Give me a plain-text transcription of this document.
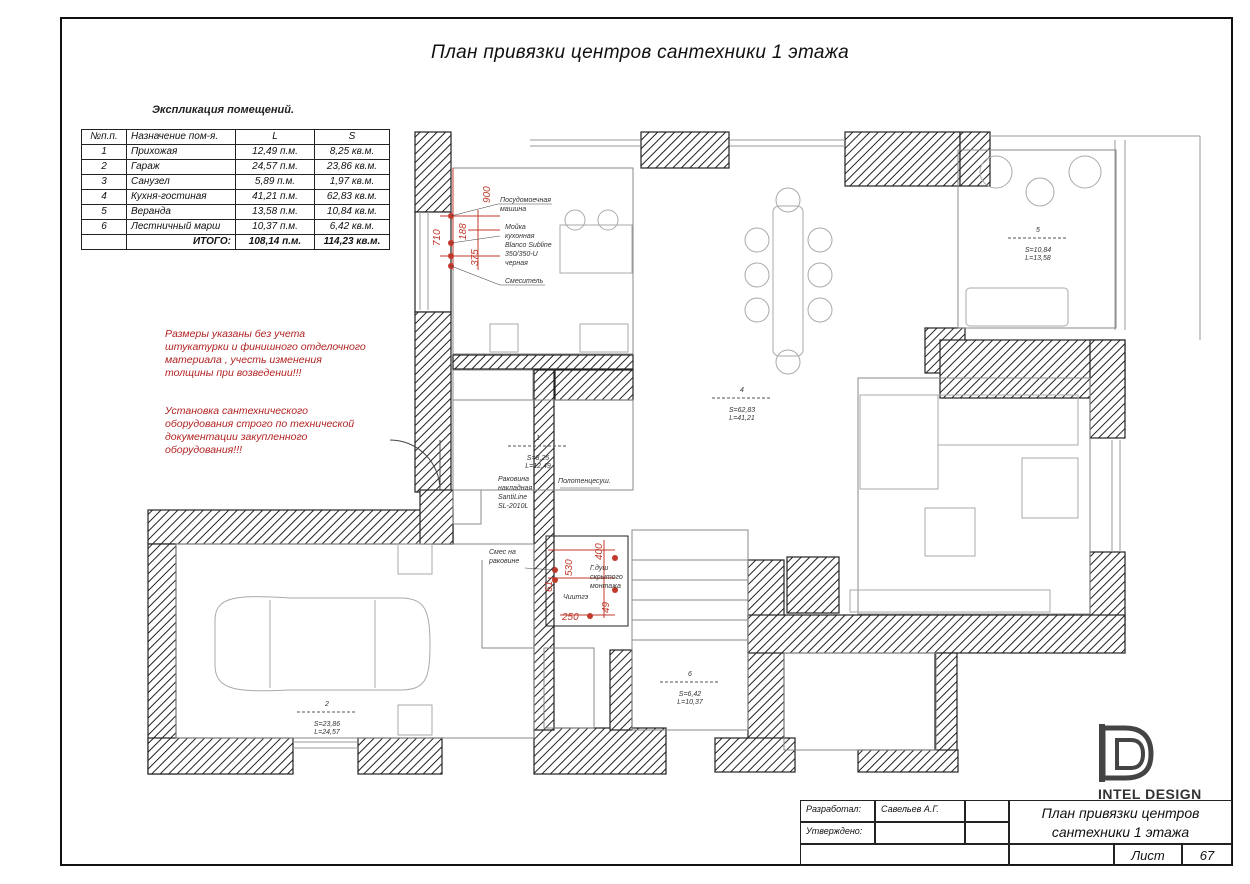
План привязки центров сантехники 1 этажа
Экспликация помещений.
№п.п.	Назначение пом-я.	L	S
1	Прихожая	12,49 п.м.	8,25 кв.м.
2	Гараж	24,57 п.м.	23,86 кв.м.
3	Санузел	5,89 п.м.	1,97 кв.м.
4	Кухня-гостиная	41,21 п.м.	62,83 кв.м.
5	Веранда	13,58 п.м.	10,84 кв.м.
6	Лестничный марш	10,37 п.м.	6,42 кв.м.
	ИТОГО:	108,14 п.м.	114,23 кв.м.
Размеры указаны без учета
штукатурки и финишного отделочного
материала , учесть изменения
толщины при возведении!!!
Установка сантехнического
оборудования строго по технической
документации закупленного
оборудования!!!
1
S=8,25
L=12,49
2
S=23,86
L=24,57
4
S=62,83
L=41,21
5
S=10,84
L=13,58
6
S=6,42
L=10,37
900
710 188
375
400
530
61
49
250
Посудомоечная
машина
Мойка
кухонная
Blanco Subline
350/350-U
черная
Смеситель
Раковина
накладная
SantiLine
SL-2010L
Полотенцесуш.
Смес на
раковине
Г.душ
скрытого
монтажа
Чиитгэ
INTEL DESIGN
Разработал:	Савельев А.Г.
Утверждено:
План привязки центров
сантехники 1 этажа
Лист	67
